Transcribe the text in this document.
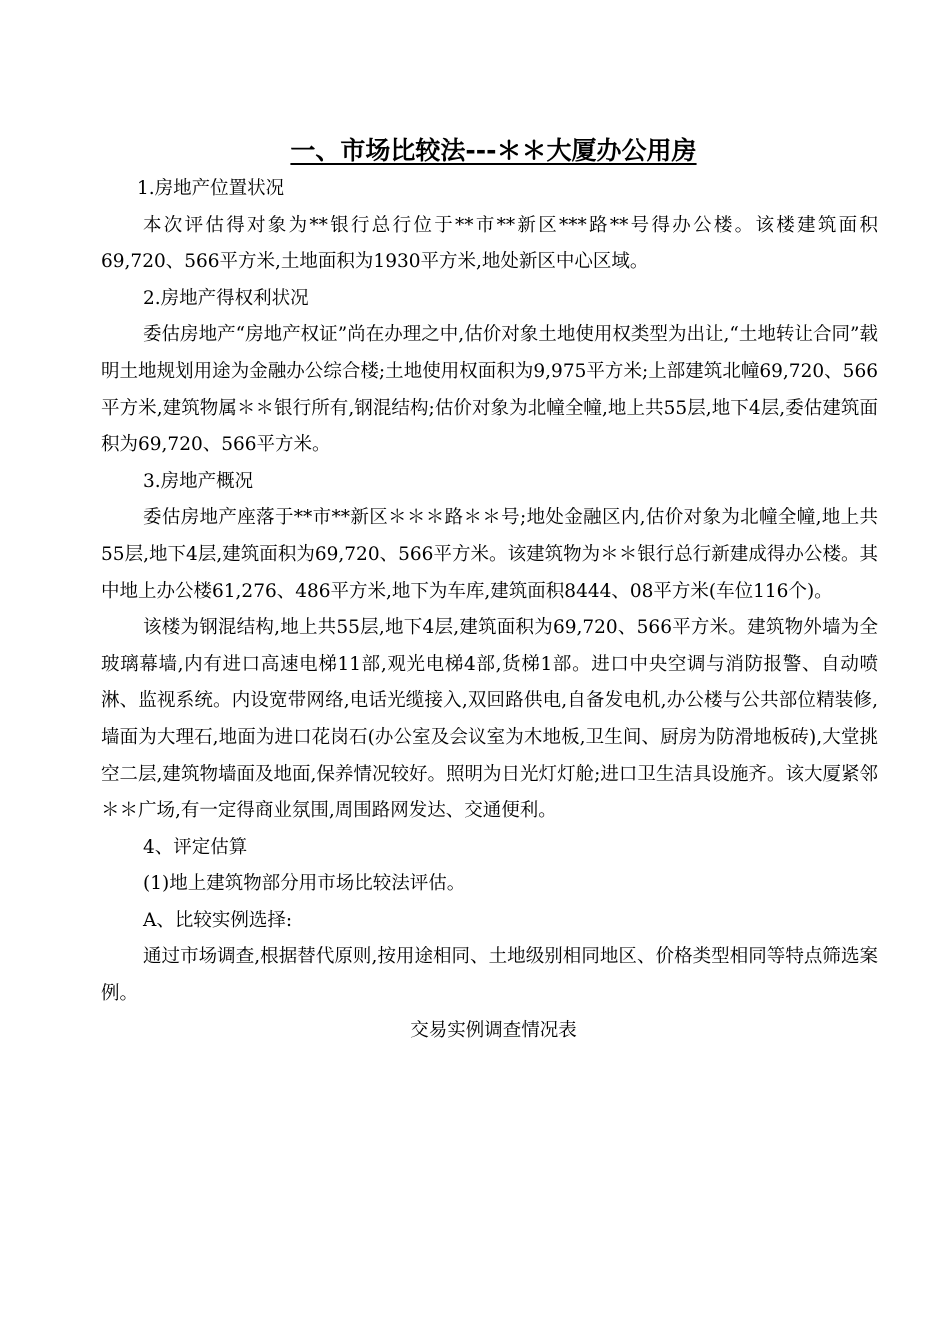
一、市场比较法---＊＊大厦办公用房

1.房地产位置状况

本次评估得对象为**银行总行位于**市**新区***路**号得办公楼。该楼建筑面积69,720、566平方米,土地面积为1930平方米,地处新区中心区域。

2.房地产得权利状况

委估房地产“房地产权证”尚在办理之中,估价对象土地使用权类型为出让,“土地转让合同”载明土地规划用途为金融办公综合楼;土地使用权面积为9,975平方米;上部建筑北幢69,720、566平方米,建筑物属＊＊银行所有,钢混结构;估价对象为北幢全幢,地上共55层,地下4层,委估建筑面积为69,720、566平方米。

3.房地产概况

委估房地产座落于**市**新区＊＊＊路＊＊号;地处金融区内,估价对象为北幢全幢,地上共55层,地下4层,建筑面积为69,720、566平方米。该建筑物为＊＊银行总行新建成得办公楼。其中地上办公楼61,276、486平方米,地下为车库,建筑面积8444、08平方米(车位116个)。

该楼为钢混结构,地上共55层,地下4层,建筑面积为69,720、566平方米。建筑物外墙为全玻璃幕墙,内有进口高速电梯11部,观光电梯4部,货梯1部。进口中央空调与消防报警、自动喷淋、监视系统。内设宽带网络,电话光缆接入,双回路供电,自备发电机,办公楼与公共部位精装修,墙面为大理石,地面为进口花岗石(办公室及会议室为木地板,卫生间、厨房为防滑地板砖),大堂挑空二层,建筑物墙面及地面,保养情况较好。照明为日光灯灯舱;进口卫生洁具设施齐。该大厦紧邻＊＊广场,有一定得商业氛围,周围路网发达、交通便利。

4、评定估算

(1)地上建筑物部分用市场比较法评估。

A、比较实例选择:

通过市场调查,根据替代原则,按用途相同、土地级别相同地区、价格类型相同等特点筛选案例。

交易实例调查情况表
